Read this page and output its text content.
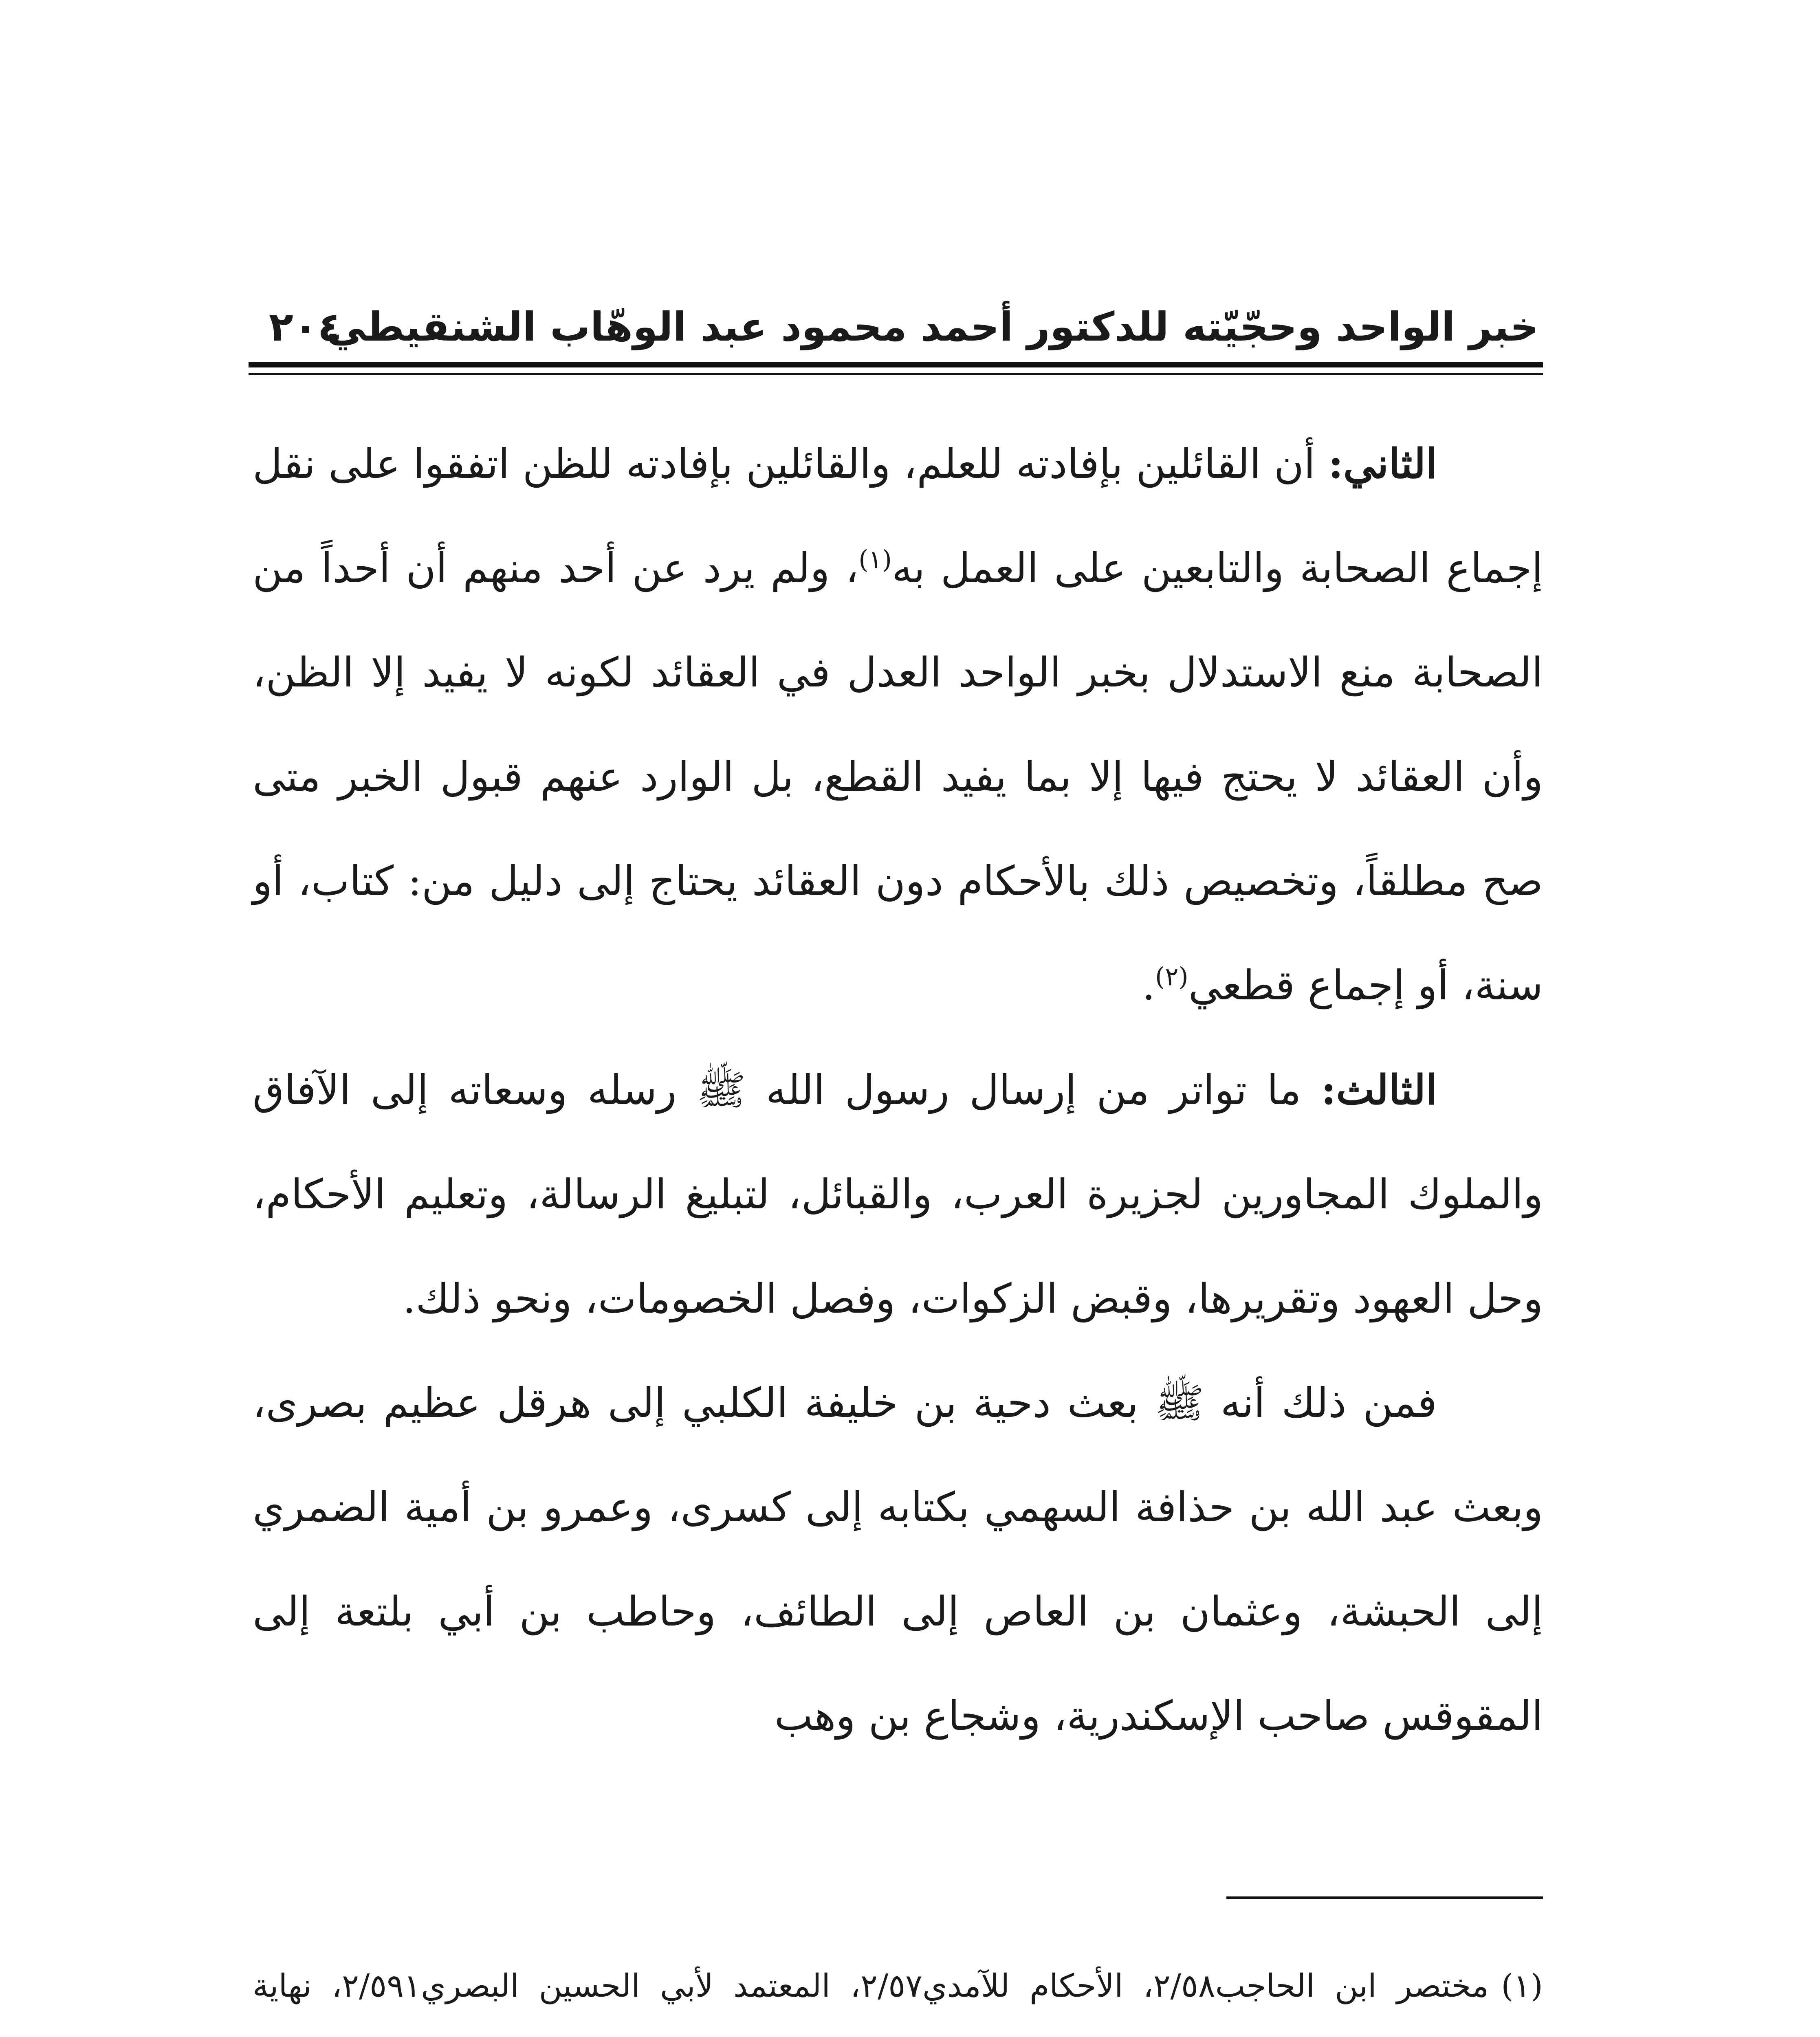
خبر الواحد وحجّيّته للدكتور أحمد محمود عبد الوهّاب الشنقيطي
٢٠٤

الثاني: أن القائلين بإفادته للعلم، والقائلين بإفادته للظن اتفقوا على نقل إجماع الصحابة والتابعين على العمل به$^{(١)}$، ولم يرد عن أحد منهم أن أحداً من الصحابة منع الاستدلال بخبر الواحد العدل في العقائد لكونه لا يفيد إلا الظن، وأن العقائد لا يحتج فيها إلا بما يفيد القطع، بل الوارد عنهم قبول الخبر متى صح مطلقاً، وتخصيص ذلك بالأحكام دون العقائد يحتاج إلى دليل من: كتاب، أو سنة، أو إجماع قطعي$^{(٢)}$.

الثالث: ما تواتر من إرسال رسول الله ﷺ رسله وسعاته إلى الآفاق والملوك المجاورين لجزيرة العرب، والقبائل، لتبليغ الرسالة، وتعليم الأحكام، وحل العهود وتقريرها، وقبض الزكوات، وفصل الخصومات، ونحو ذلك.

فمن ذلك أنه ﷺ بعث دحية بن خليفة الكلبي إلى هرقل عظيم بصرى، وبعث عبد الله بن حذافة السهمي بكتابه إلى كسرى، وعمرو بن أمية الضمري إلى الحبشة، وعثمان بن العاص إلى الطائف، وحاطب بن أبي بلتعة إلى المقوقس صاحب الإسكندرية، وشجاع بن وهب

(١)مختصر ابن الحاجب٢/٥٨، الأحكام للآمدي٢/٥٧، المعتمد لأبي الحسين البصري٢/٥٩١، نهاية
